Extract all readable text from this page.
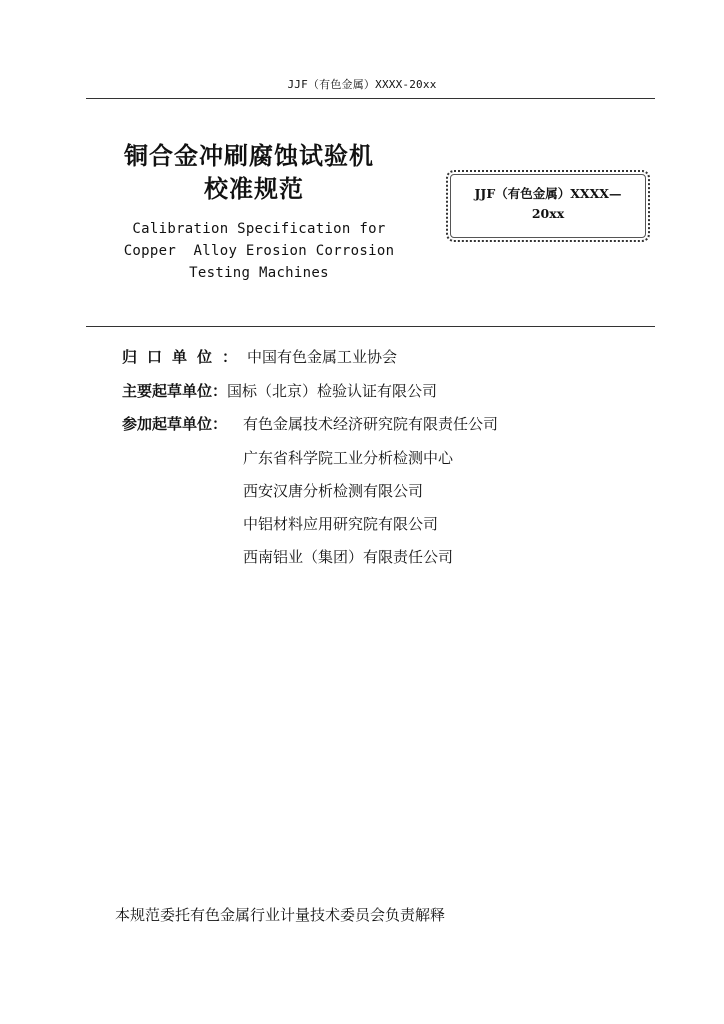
JJF（有色金属）XXXX-20xx
铜合金冲刷腐蚀试验机
校准规范
Calibration Specification for
Copper  Alloy Erosion Corrosion
Testing Machines
JJF（有色金属）XXXX—
20xx
归口单位：中国有色金属工业协会
主要起草单位：国标（北京）检验认证有限公司
参加起草单位： 有色金属技术经济研究院有限责任公司
广东省科学院工业分析检测中心
西安汉唐分析检测有限公司
中铝材料应用研究院有限公司
西南铝业（集团）有限责任公司
本规范委托有色金属行业计量技术委员会负责解释
